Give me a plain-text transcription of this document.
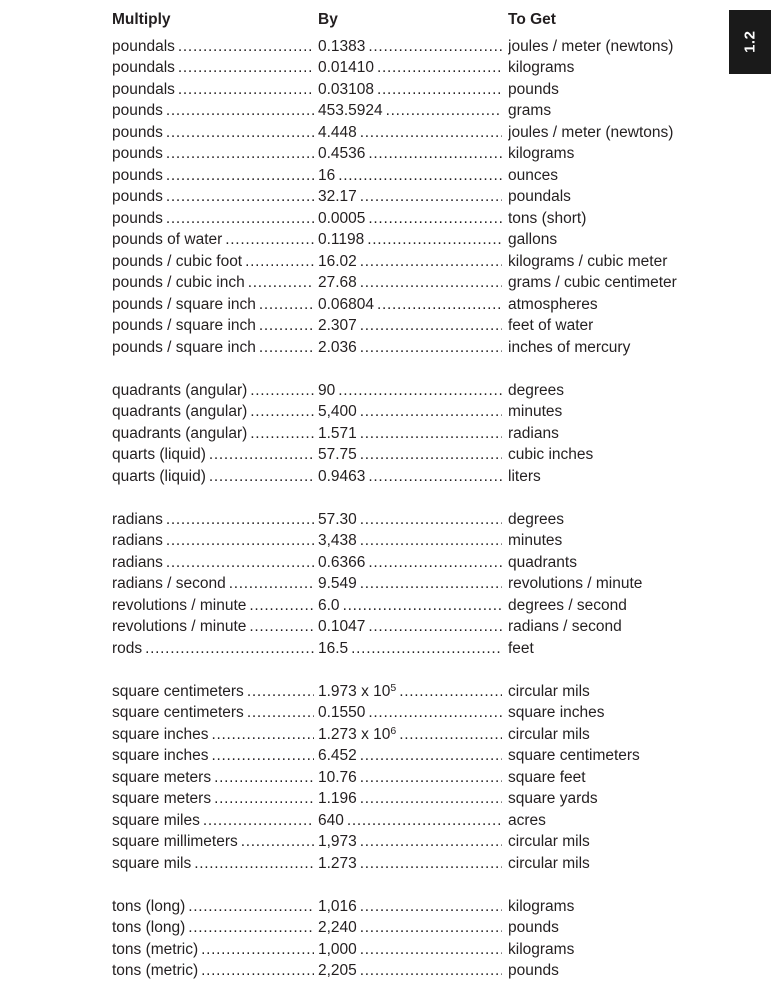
1.2
Multiply	By	To Get
poundals .....	0.1383 .....	joules / meter (newtons)
poundals .....	0.01410 .....	kilograms
poundals .....	0.03108 .....	pounds
pounds .....	453.5924 .....	grams
pounds .....	4.448 .....	joules / meter (newtons)
pounds .....	0.4536 .....	kilograms
pounds .....	16 .....	ounces
pounds .....	32.17 .....	poundals
pounds .....	0.0005 .....	tons (short)
pounds of water .....	0.1198 .....	gallons
pounds / cubic foot .....	16.02 .....	kilograms / cubic meter
pounds / cubic inch .....	27.68 .....	grams / cubic centimeter
pounds / square inch .....	0.06804 .....	atmospheres
pounds / square inch .....	2.307 .....	feet of water
pounds / square inch .....	2.036 .....	inches of mercury
quadrants (angular) .....	90 .....	degrees
quadrants (angular) .....	5,400 .....	minutes
quadrants (angular) .....	1.571 .....	radians
quarts (liquid) .....	57.75 .....	cubic inches
quarts (liquid) .....	0.9463 .....	liters
radians .....	57.30 .....	degrees
radians .....	3,438 .....	minutes
radians .....	0.6366 .....	quadrants
radians / second .....	9.549 .....	revolutions / minute
revolutions / minute .....	6.0 .....	degrees / second
revolutions / minute .....	0.1047 .....	radians / second
rods .....	16.5 .....	feet
square centimeters .....	1.973 x $10^5$ .....	circular mils
square centimeters .....	0.1550 .....	square inches
square inches .....	1.273 x $10^6$ .....	circular mils
square inches .....	6.452 .....	square centimeters
square meters .....	10.76 .....	square feet
square meters .....	1.196 .....	square yards
square miles .....	640 .....	acres
square millimeters .....	1,973 .....	circular mils
square mils .....	1.273 .....	circular mils
tons (long) .....	1,016 .....	kilograms
tons (long) .....	2,240 .....	pounds
tons (metric) .....	1,000 .....	kilograms
tons (metric) .....	2,205 .....	pounds
